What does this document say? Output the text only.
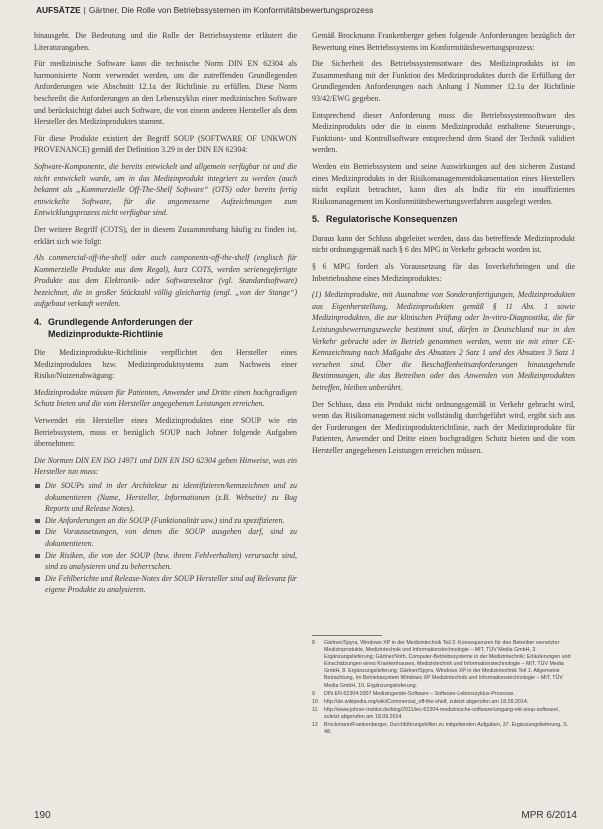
AUFSÄTZE | Gärtner, Die Rolle von Betriebssystemen im Konformitätsbewertungsprozess

hinausgeht. Die Bedeutung und die Rolle der Betriebssysteme erläutert die Literaturangaben.

Für medizinische Software kann die technische Norm DIN EN 62304 als harmonisierte Norm verwendet werden, um die zutreffenden Grundlegenden Anforderungen wie Abschnitt 12.1a der Richtlinie zu erfüllen. Diese Norm beschreibt die Anforderungen an den Lebenszyklus einer medizinischen Software und berücksichtigt dabei auch Software, die von einem anderen Hersteller als dem Hersteller des Medizinproduktes stammt.

Für diese Produkte existiert der Begriff SOUP (SOFTWARE OF UNKWON PROVENANCE) gemäß der Definition 3.29 in der DIN EN 62304:

Software-Komponente, die bereits entwickelt und allgemein verfügbar ist und die nicht entwickelt wurde, um in das Medizinprodukt integriert zu werden (auch bekannt als „Kommerzielle Off-The-Shelf Software“ (OTS) oder bereits fertig entwickelte Software, für die angemessene Aufzeichnungen zum Entwicklungsprozess nicht verfügbar sind.

Der weitere Begriff (COTS), der in diesem Zusammenhang häufig zu finden ist, erklärt sich wie folgt:

Als commercial-off-the-shelf oder auch components-off-the-shelf (englisch für Kommerzielle Produkte aus dem Regal), kurz COTS, werden serienegefertigte Produkte aus dem Elektronik- oder Softwaresektor (vgl. Standardsoftware) bezeichnet, die in großer Stückzahl völlig gleichartig (engl. „von der Stange“) aufgebaut verkauft werden.

4. Grundlegende Anforderungen der
Medizinprodukte-Richtlinie

Die Medizinprodukte-Richtlinie verpflichtet den Hersteller eines Medizinproduktes bzw. Medizinproduktsystems zum Nachweis einer Risiko/Nutzenabwägung:

Medizinprodukte müssen für Patienten, Anwender und Dritte einen hochgradigen Schutz bieten und die vom Hersteller angegebenen Leistungen erreichen.

Verwendet ein Hersteller eines Medizinproduktes eine SOUP wie ein Betriebssystem, muss er bezüglich SOUP nach Johner folgende Aufgaben übernehmen:

Die Normen DIN EN ISO 14971 und DIN EN ISO 62304 geben Hinweise, was ein Hersteller tun muss:

Die SOUPs sind in der Architektur zu identifizieren/kennzeichnen und zu dokumentieren (Name, Hersteller, Informationen (z.B. Webseite) zu Bug Reports und Release Notes).
Die Anforderungen an die SOUP (Funktionalität usw.) sind zu spezifizieren.
Die Voraussetzungen, von denen die SOUP ausgehen darf, sind zu dokumentieren.
Die Risiken, die von der SOUP (bzw. ihrem Fehlverhalten) verursacht sind, sind zu analysieren und zu beherrschen.
Die Fehlberichte und Release-Notes der SOUP Hersteller sind auf Relevanz für eigene Produkte zu analysieren.

Gemäß Brockmann Frankenberger geben folgende Anforderungen bezüglich der Bewertung eines Betriebssystems im Konformitätsbewertungsprozess:

Die Sicherheit des Betriebssystemsotware des Medizinprodukts ist im Zusammenhang mit der Funktion des Medizinproduktes durch die Erfüllung der Grundlegenden Anforderungen nach Anhang I Nummer 12.1a der Richtlinie 93/42/EWG gegeben.

Entsprechend dieser Anforderung muss die Betriebssystemsoftware des Medizinprodukts oder die in einem Medizinprodukt enthaltene Steuerungs-, Funktions- und Kontrollsoftware entsprechend dem Stand der Technik validiert werden.

Werden ein Betriebssystem und seine Auswirkungen auf den sicheren Zustand eines Medizinprodukts in der Risikomanagementdokumentation eines Herstellers nicht explizit betrachtet, kann dies als Indiz für ein insuffizientes Risikomanagement im Konformitätsbewertungsverfahren ausgelegt werden.

5. Regulatorische Konsequenzen

Daraus kann der Schluss abgeleitet werden, dass das betreffende Medizinprodukt nicht ordnungsgemäß nach § 6 des MPG in Verkehr gebracht worden ist.

§ 6 MPG fordert als Voraussetzung für das Inverkehrbringen und die Inbetriebnahme eines Medizinproduktes:

(1) Medizinprodukte, mit Ausnahme von Sonderanfertigungen, Medizinprodukten aus Eigenherstellung, Medizinprodukten gemäß § 11 Abs. 1 sowie Medizinprodukten, die zur klinischen Prüfung oder In-vitro-Diagnostika, die für Leistungsbewertungszwecke bestimmt sind, dürfen in Deutschland nur in den Verkehr gebracht oder in Betrieb genommen werden, wenn sie mit einer CE-Kennzeichnung nach Maßgabe des Absatzes 2 Satz 1 und des Absatzes 3 Satz 1 versehen sind. Über die Beschaffenheitsanforderungen hinausgehende Bestimmungen, die das Betreiben oder das Anwenden von Medizinprodukten betreffen, bleiben unberührt.

Der Schluss, dass ein Produkt nicht ordnungsgemäß in Verkehr gebracht wird, wenn das Risikomanagement nicht vollständig durchgeführt wird, ergibt sich aus der Forderungen der Medizinprodukterichtlinie, nach der Medizinprodukte für Patienten, Anwender und Dritte einen hochgradigen Schutz bieten und die vom Hersteller angegebenen Leistungen erreichen müssen.

8	Gärtner/Spyra, Windows XP in der Medizintechnik Teil 2: Konsequenzen für den Betreiber vernetzter Medizinprodukte, Medizintechnik und Informationstechnologie – MIT, TÜV Media GmbH, 3. Ergänzungslieferung; Gärtner/Voth, Computer-Betriebssysteme in der Medizintechnik: Erläuterungen und Einschätzungen eines Krankenhauses, Medizintechnik und Informationstechnologie – MIT, TÜV Media GmbH, 8. Ergänzungslieferung; Gärtner/Spyra, Windows XP in der Medizintechnik Teil 1: Allgemeine Betrachtung, Im Betriebssystem Windows XP Medizintechnik und Informationstechnologie – MIT, TÜV Media GmbH, 10. Ergänzungslieferung.
9	DIN EN 62304:2007 Medizingeräte-Software – Software-Lebenszyklus-Prozesse.
10	http://de.wikipedia.org/wiki/Commercial_off-the-shelf, zuletzt abgerufen am 18.09.2014.
11	http://www.johner-institut.de/blog/2011/iec-62304-medizinische-software/umgang-mit-soup-software/, zuletzt abgerufen am 18.09.2014.
12	Brockmann/Frankenberger, Durchführungshilfen zu mitgeltenden Aufgaben, 37. Ergänzungslieferung, S. 48.
190	MPR 6/2014
